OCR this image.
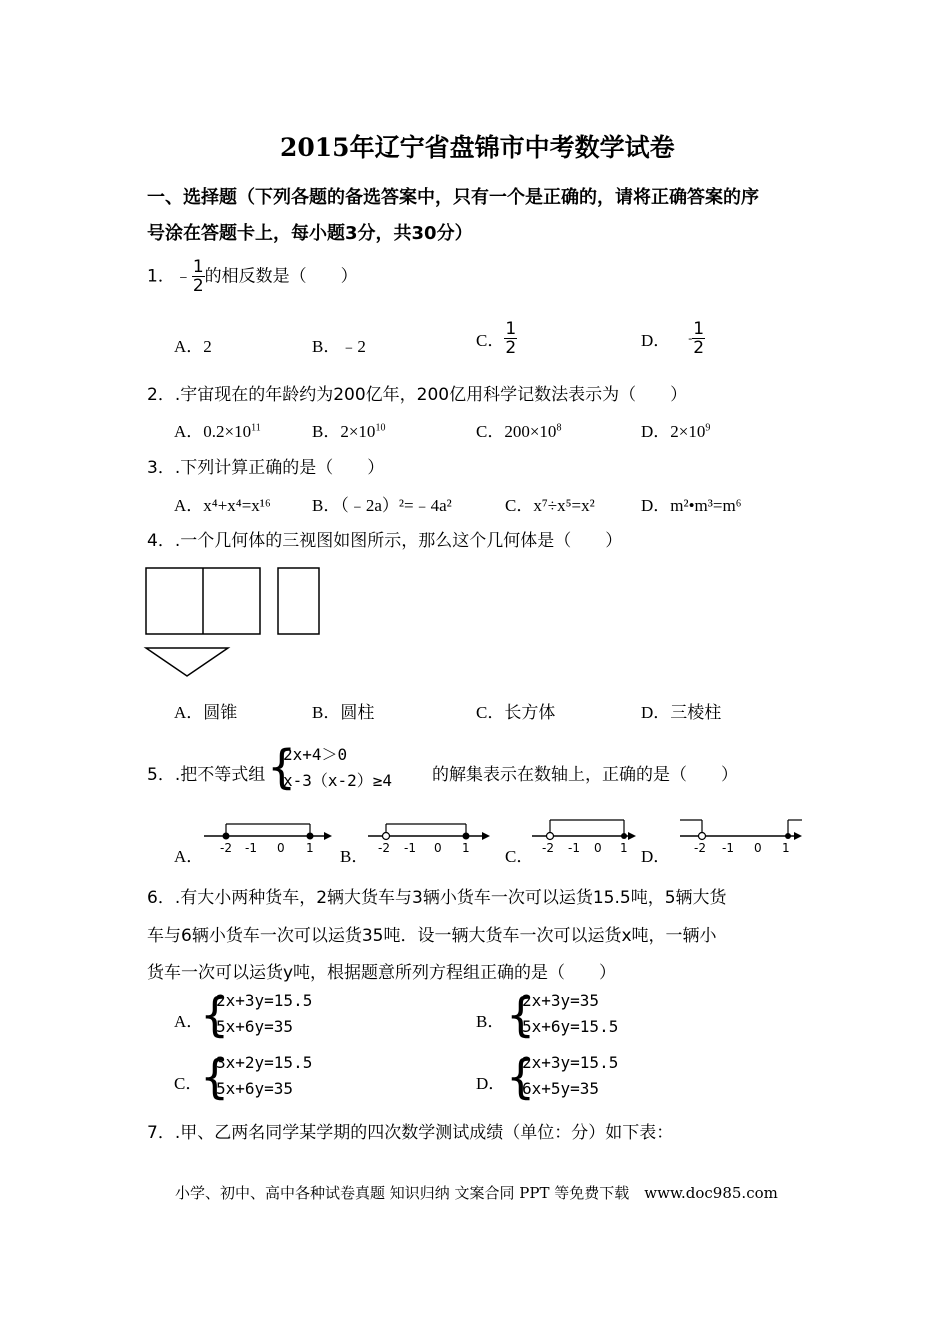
2015年辽宁省盘锦市中考数学试卷
一、选择题（下列各题的备选答案中，只有一个是正确的，请将正确答案的序
号涂在答题卡上，每小题3分，共30分）
1．﹣ $\frac{1}{2}$ 的相反数是（　　）
A．2	B．﹣2	C． $\frac{1}{2}$	D． - $\frac{1}{2}$
2．.宇宙现在的年龄约为200亿年，200亿用科学记数法表示为（　　）
A．$0.2\times 10^{11}$	B．$2\times 10^{10}$	C．$200\times 10^8$	D．$2\times 10^9$
3．.下列计算正确的是（　　）
A．x⁴+x⁴=x¹⁶ B．（﹣2a）²=﹣4a²	C．x⁷÷x⁵=x²	D．m²•m³=m⁶
4．.一个几何体的三视图如图所示，那么这个几何体是（　　）
A．圆锥	B．圆柱	C．长方体	D．三棱柱
5．.把不等式组 {
2x+4＞0
x-3（x-2）≥4 的解集表示在数轴上，正确的是（　　）
A．	B．	C．	D．
-2 -1 0 1	-2 -1 0 1	-2 -1 0 1	-2 -1 0 1
6．.有大小两种货车，2辆大货车与3辆小货车一次可以运货15.5吨，5辆大货
车与6辆小货车一次可以运货35吨．设一辆大货车一次可以运货x吨，一辆小
货车一次可以运货y吨，根据题意所列方程组正确的是（　　）
A．
{
2x+3y=15.5
5x+6y=35	B． {
2x+3y=35
5x+6y=15.5
C．
{
3x+2y=15.5
5x+6y=35	D． {
2x+3y=15.5
6x+5y=35
7．.甲、乙两名同学某学期的四次数学测试成绩（单位：分）如下表：
小学、初中、高中各种试卷真题 知识归纳 文案合同 PPT 等免费下载　www.doc985.com
